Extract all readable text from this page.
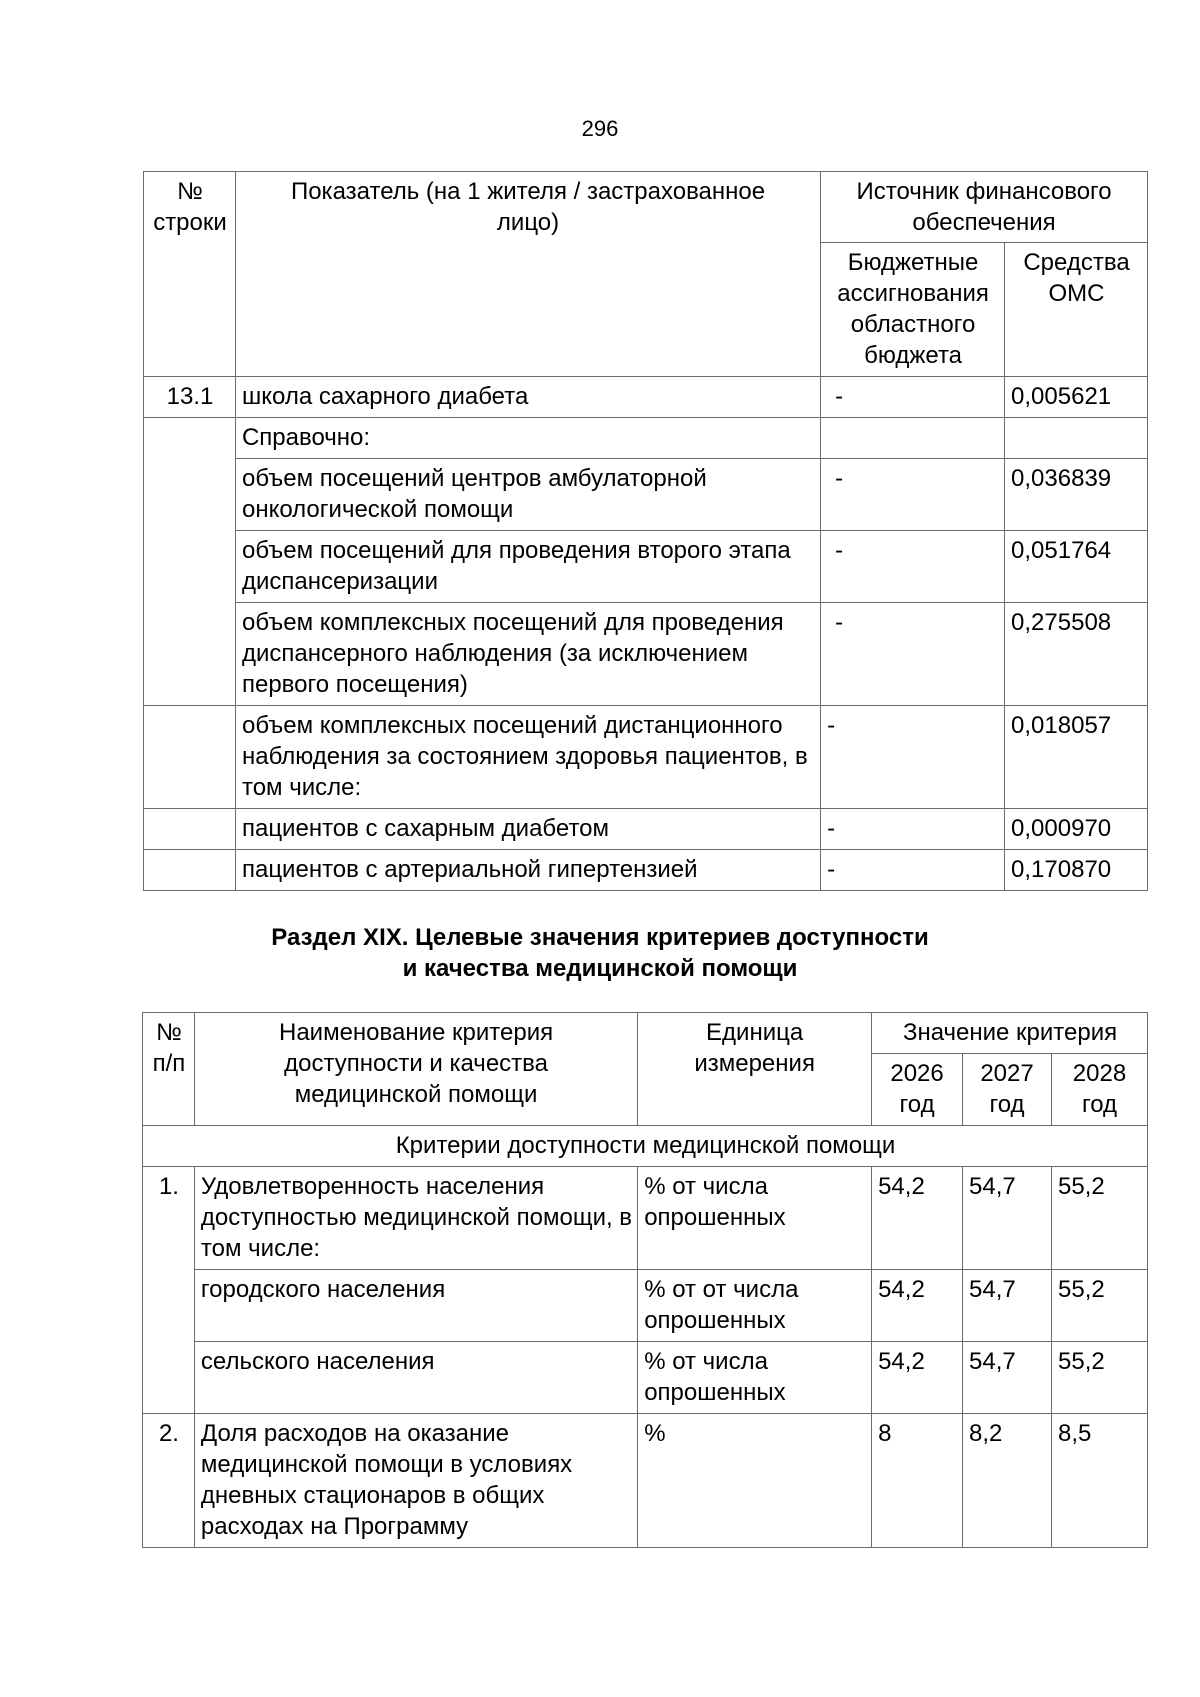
296
№ строки	Показатель (на 1 жителя / застрахованное лицо)	Источник финансового обеспечения	
		Бюджетные ассигнования областного бюджета	Средства ОМС
13.1	школа сахарного диабета	-	0,005621
	Справочно:		
	объем посещений центров амбулаторной онкологической помощи	-	0,036839
	объем посещений для проведения второго этапа диспансеризации	-	0,051764
	объем комплексных посещений для проведения диспансерного наблюдения (за исключением первого посещения)	-	0,275508
	объем комплексных посещений дистанционного наблюдения за состоянием здоровья пациентов, в том числе:	-	0,018057
	пациентов с сахарным диабетом	-	0,000970
	пациентов с артериальной гипертензией	-	0,170870
Раздел XIX. Целевые значения критериев доступности
и качества медицинской помощи
№ п/п	Наименование критерия доступности и качества медицинской помощи	Единица измерения	Значение критерия		
			2026 год	2027 год	2028 год
Критерии доступности медицинской помощи					
1.	Удовлетворенность населения доступностью медицинской помощи, в том числе:	% от числа опрошенных	54,2	54,7	55,2
	городского населения	% от от числа опрошенных	54,2	54,7	55,2
	сельского населения	% от числа опрошенных	54,2	54,7	55,2
2.	Доля расходов на оказание медицинской помощи в условиях дневных стационаров в общих расходах на Программу	%	8	8,2	8,5
